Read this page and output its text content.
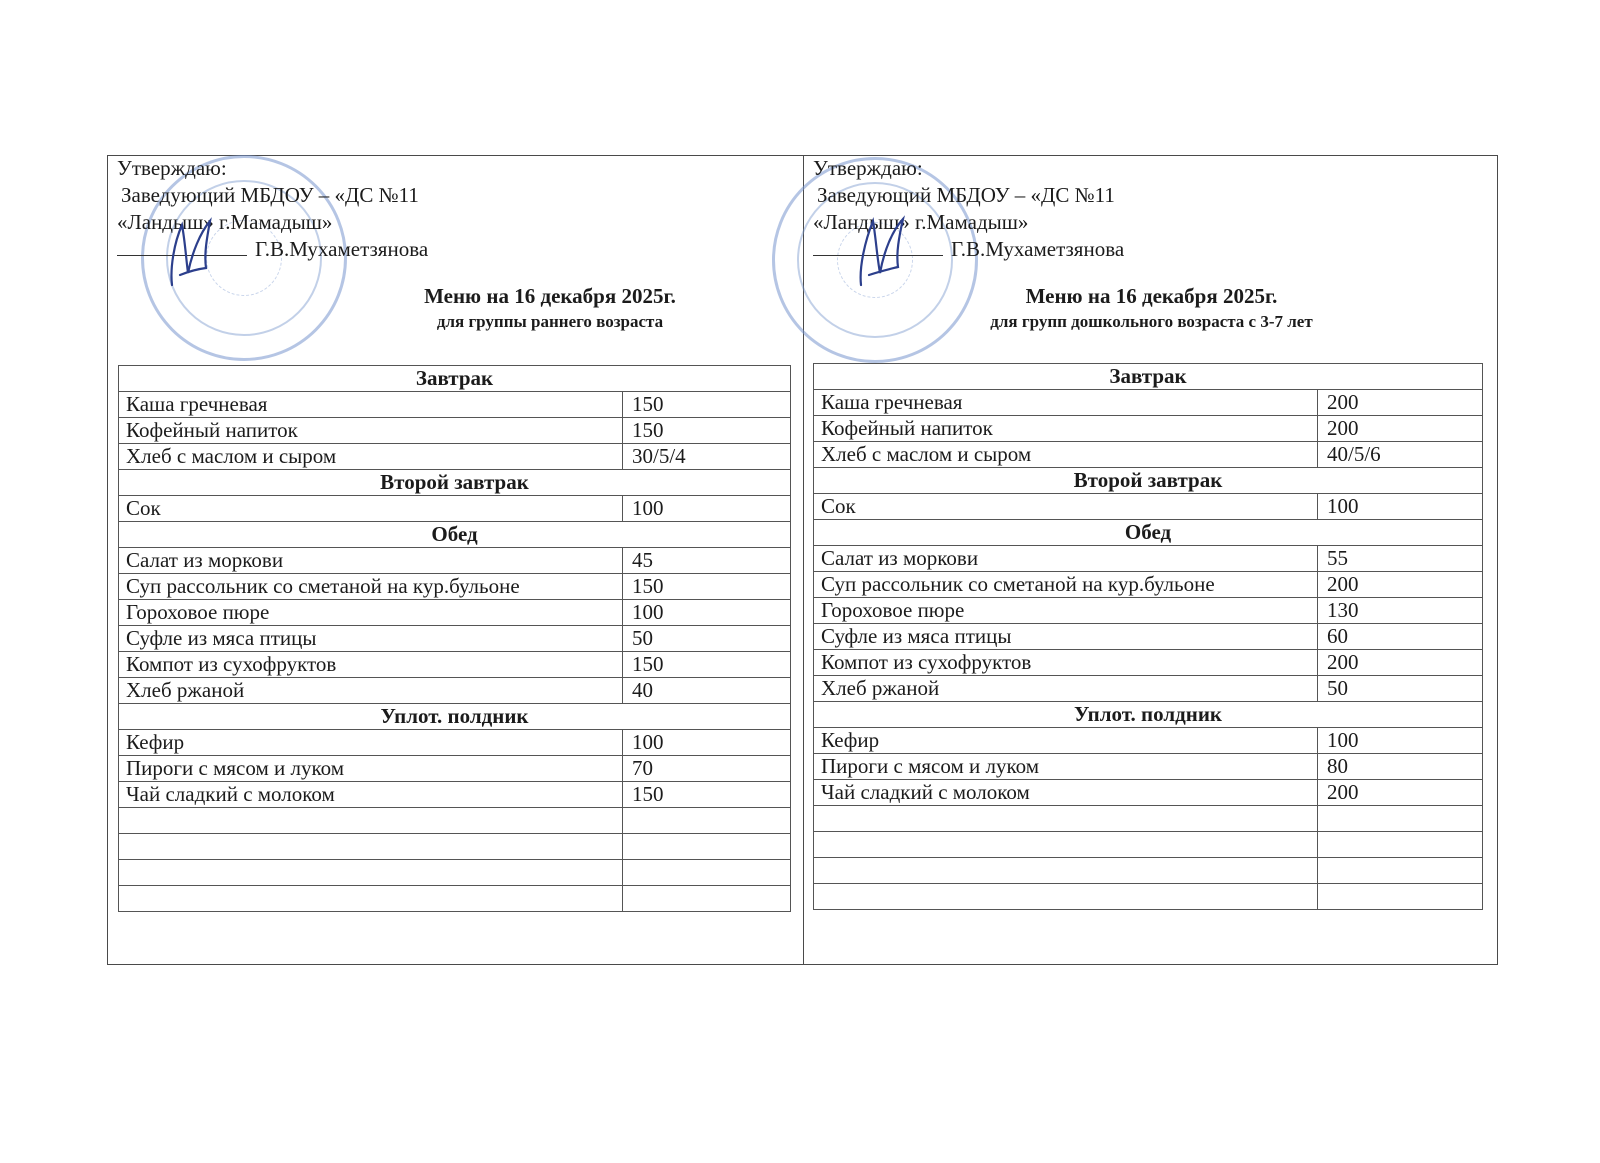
Утверждаю:
Заведующий МБДОУ – «ДС №11
«Ландыш» г.Мамадыш»
Г.В.Мухаметзянова
Меню на 16 декабря 2025г.
для группы раннего возраста
Завтрак	
Каша гречневая	150
Кофейный напиток	150
Хлеб с маслом и сыром	30/5/4
Второй завтрак	
Сок	100
Обед	
Салат из моркови	45
Суп рассольник со сметаной на кур.бульоне	150
Гороховое пюре	100
Суфле из мяса птицы	50
Компот из сухофруктов	150
Хлеб ржаной	40
Уплот. полдник	
Кефир	100
Пироги с мясом и луком	70
Чай сладкий с молоком	150

Утверждаю:
Заведующий МБДОУ – «ДС №11
«Ландыш» г.Мамадыш»
Г.В.Мухаметзянова
Меню на 16 декабря 2025г.
для групп дошкольного возраста с 3-7 лет
Завтрак	
Каша гречневая	200
Кофейный напиток	200
Хлеб с маслом и сыром	40/5/6
Второй завтрак	
Сок	100
Обед	
Салат из моркови	55
Суп рассольник со сметаной на кур.бульоне	200
Гороховое пюре	130
Суфле из мяса птицы	60
Компот из сухофруктов	200
Хлеб ржаной	50
Уплот. полдник	
Кефир	100
Пироги с мясом и луком	80
Чай сладкий с молоком	200
